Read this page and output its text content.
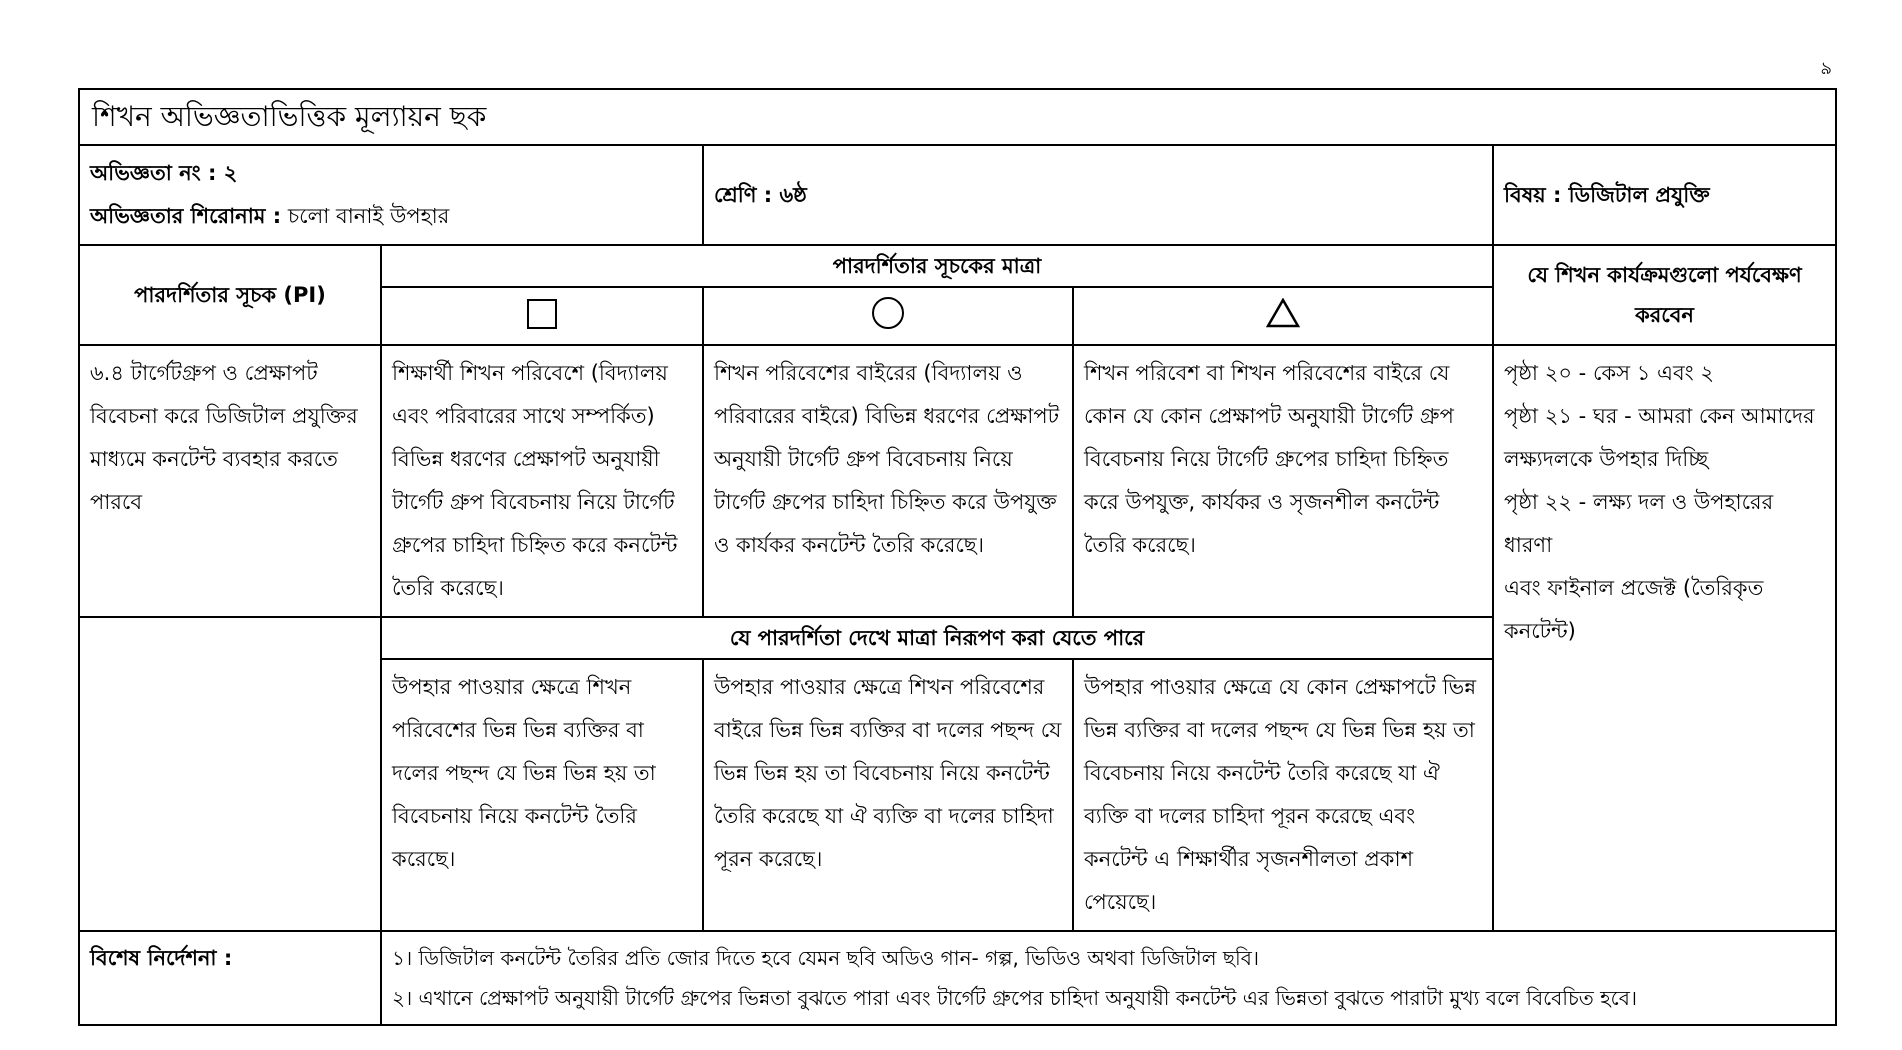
৯
শিখন অভিজ্ঞতাভিত্তিক মূল্যায়ন ছক				

অভিজ্ঞতা নং : ২
অভিজ্ঞতার শিরোনাম : চলো বানাই উপহার		শ্রেণি : ৬ষ্ঠ		বিষয় : ডিজিটাল প্রযুক্তি
পারদর্শিতার সূচক (PI)	পারদর্শিতার সূচকের মাত্রা			যে শিখন কার্যক্রমগুলো পর্যবেক্ষণ করবেন

৬.৪ টার্গেটগ্রুপ ও প্রেক্ষাপট বিবেচনা করে ডিজিটাল প্রযুক্তির মাধ্যমে কনটেন্ট ব্যবহার করতে পারবে	শিক্ষার্থী শিখন পরিবেশে (বিদ্যালয় এবং পরিবারের সাথে সম্পর্কিত) বিভিন্ন ধরণের প্রেক্ষাপট অনুযায়ী টার্গেট গ্রুপ বিবেচনায় নিয়ে টার্গেট গ্রুপের চাহিদা চিহ্নিত করে কনটেন্ট তৈরি করেছে।	শিখন পরিবেশের বাইরের (বিদ্যালয় ও পরিবারের বাইরে) বিভিন্ন ধরণের প্রেক্ষাপট অনুযায়ী টার্গেট গ্রুপ বিবেচনায় নিয়ে টার্গেট গ্রুপের চাহিদা চিহ্নিত করে উপযুক্ত ও কার্যকর কনটেন্ট তৈরি করেছে।	শিখন পরিবেশ বা শিখন পরিবেশের বাইরে যে কোন যে কোন প্রেক্ষাপট অনুযায়ী টার্গেট গ্রুপ বিবেচনায় নিয়ে টার্গেট গ্রুপের চাহিদা চিহ্নিত করে উপযুক্ত, কার্যকর ও সৃজনশীল কনটেন্ট তৈরি করেছে।	পৃষ্ঠা ২০ - কেস ১ এবং ২
পৃষ্ঠা ২১ - ঘর - আমরা কেন আমাদের লক্ষ্যদলকে উপহার দিচ্ছি
পৃষ্ঠা ২২ - লক্ষ্য দল ও উপহারের ধারণা
এবং ফাইনাল প্রজেক্ট (তৈরিকৃত কনটেন্ট)

	যে পারদর্শিতা দেখে মাত্রা নিরূপণ করা যেতে পারে			
	উপহার পাওয়ার ক্ষেত্রে শিখন পরিবেশের ভিন্ন ভিন্ন ব্যক্তির বা দলের পছন্দ যে ভিন্ন ভিন্ন হয় তা বিবেচনায় নিয়ে কনটেন্ট তৈরি করেছে।	উপহার পাওয়ার ক্ষেত্রে শিখন পরিবেশের বাইরে ভিন্ন ভিন্ন ব্যক্তির বা দলের পছন্দ যে ভিন্ন ভিন্ন হয় তা বিবেচনায় নিয়ে কনটেন্ট তৈরি করেছে যা ঐ ব্যক্তি বা দলের চাহিদা পূরন করেছে।	উপহার পাওয়ার ক্ষেত্রে যে কোন প্রেক্ষাপটে ভিন্ন ভিন্ন ব্যক্তির বা দলের পছন্দ যে ভিন্ন ভিন্ন হয় তা বিবেচনায় নিয়ে কনটেন্ট তৈরি করেছে যা ঐ ব্যক্তি বা দলের চাহিদা পূরন করেছে এবং কনটেন্ট এ শিক্ষার্থীর সৃজনশীলতা প্রকাশ পেয়েছে।	
বিশেষ নির্দেশনা :	১। ডিজিটাল কনটেন্ট তৈরির প্রতি জোর দিতে হবে যেমন ছবি অডিও গান- গল্প, ভিডিও অথবা ডিজিটাল ছবি।
২। এখানে প্রেক্ষাপট অনুযায়ী টার্গেট গ্রুপের ভিন্নতা বুঝতে পারা এবং টার্গেট গ্রুপের চাহিদা অনুযায়ী কনটেন্ট এর ভিন্নতা বুঝতে পারাটা মুখ্য বলে বিবেচিত হবে।			
